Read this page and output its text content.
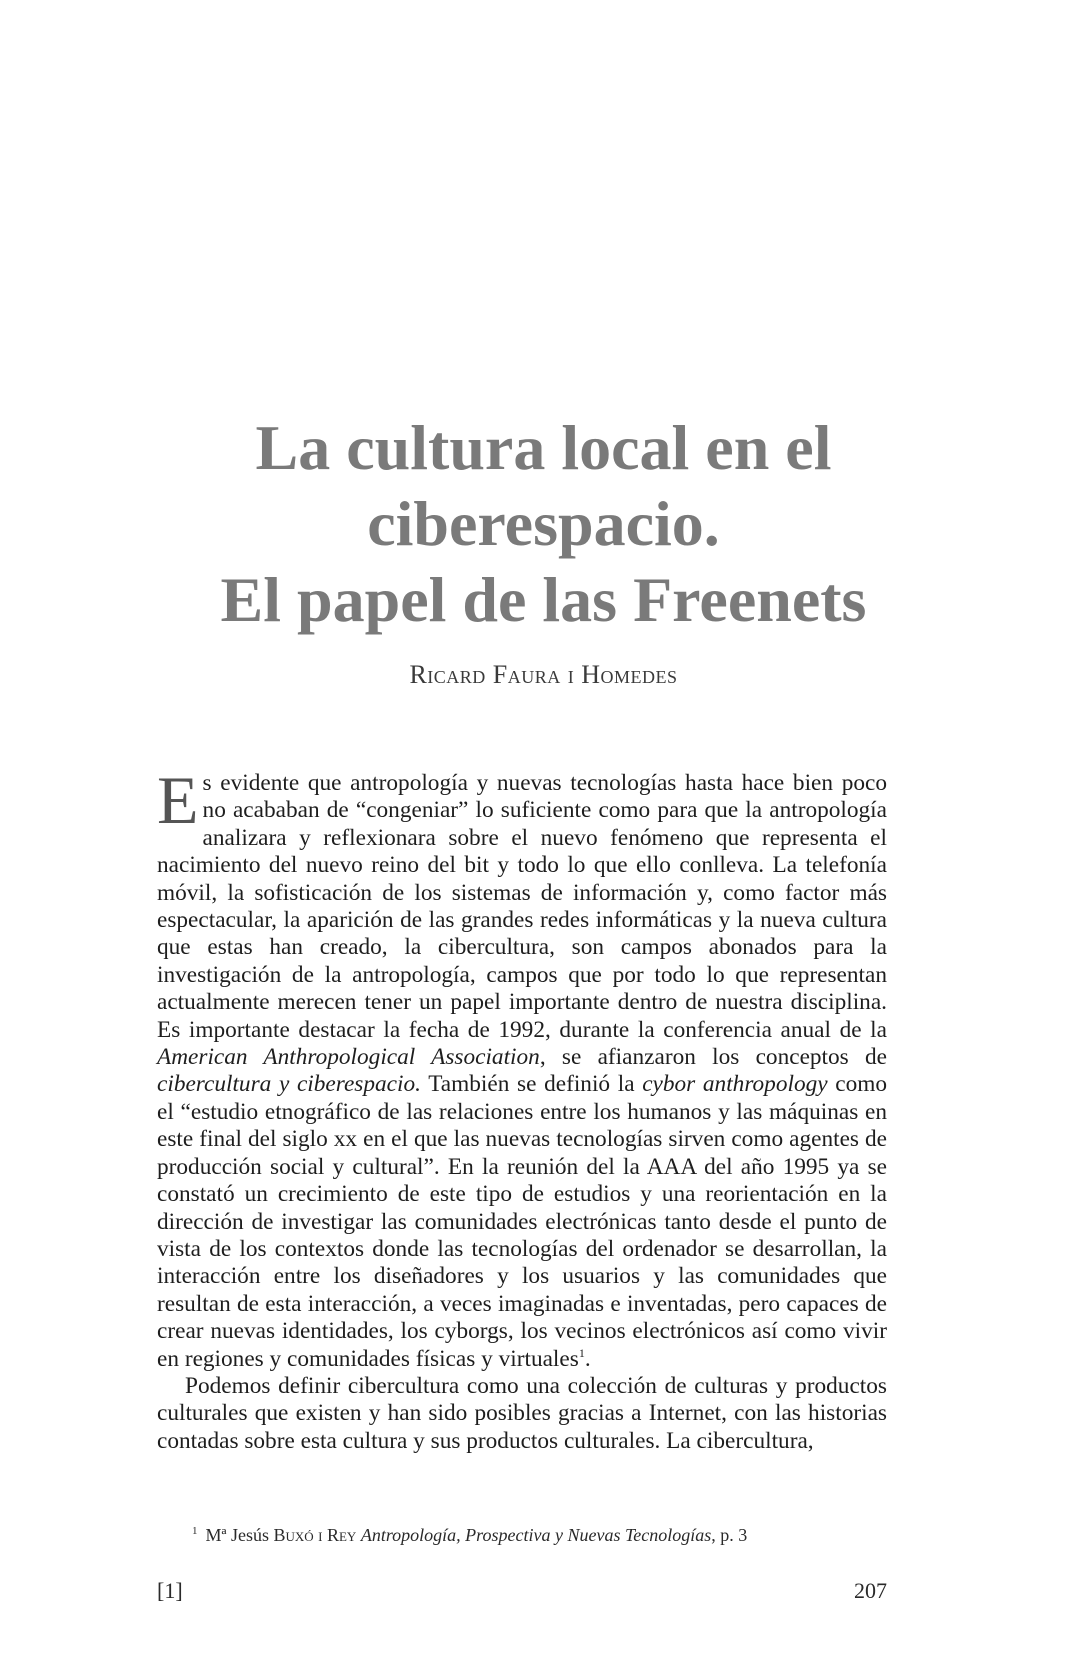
La cultura local en el
ciberespacio.
El papel de las Freenets
Ricard Faura i Homedes

Es evidente que antropología y nuevas tecnologías hasta hace bien poco no acababan de “congeniar” lo suficiente como para que la antropología analizara y reflexionara sobre el nuevo fenómeno que representa el nacimiento del nuevo reino del bit y todo lo que ello conlleva. La telefonía móvil, la sofisticación de los sistemas de información y, como factor más espectacular, la aparición de las grandes redes informáticas y la nueva cultura que estas han creado, la cibercultura, son campos abonados para la investigación de la antropología, campos que por todo lo que representan actualmente merecen tener un papel importante dentro de nuestra disciplina. Es importante destacar la fecha de 1992, durante la conferencia anual de la American Anthropological Association, se afianzaron los conceptos de cibercultura y ciberespacio. También se definió la cybor anthropology como el “estudio etnográfico de las relaciones entre los humanos y las máquinas en este final del siglo xx en el que las nuevas tecnologías sirven como agentes de producción social y cultural”. En la reunión del la AAA del año 1995 ya se constató un crecimiento de este tipo de estudios y una reorientación en la dirección de investigar las comunidades electrónicas tanto desde el punto de vista de los contextos donde las tecnologías del ordenador se desarrollan, la interacción entre los diseñadores y los usuarios y las comunidades que resultan de esta interacción, a veces imaginadas e inventadas, pero capaces de crear nuevas identidades, los cyborgs, los vecinos electrónicos así como vivir en regiones y comunidades físicas y virtuales$^1$.

Podemos definir cibercultura como una colección de culturas y productos culturales que existen y han sido posibles gracias a Internet, con las historias contadas sobre esta cultura y sus productos culturales. La cibercultura,

$^1$ Mª Jesús Buxó i Rey Antropología, Prospectiva y Nuevas Tecnologías, p. 3
[1]	207
